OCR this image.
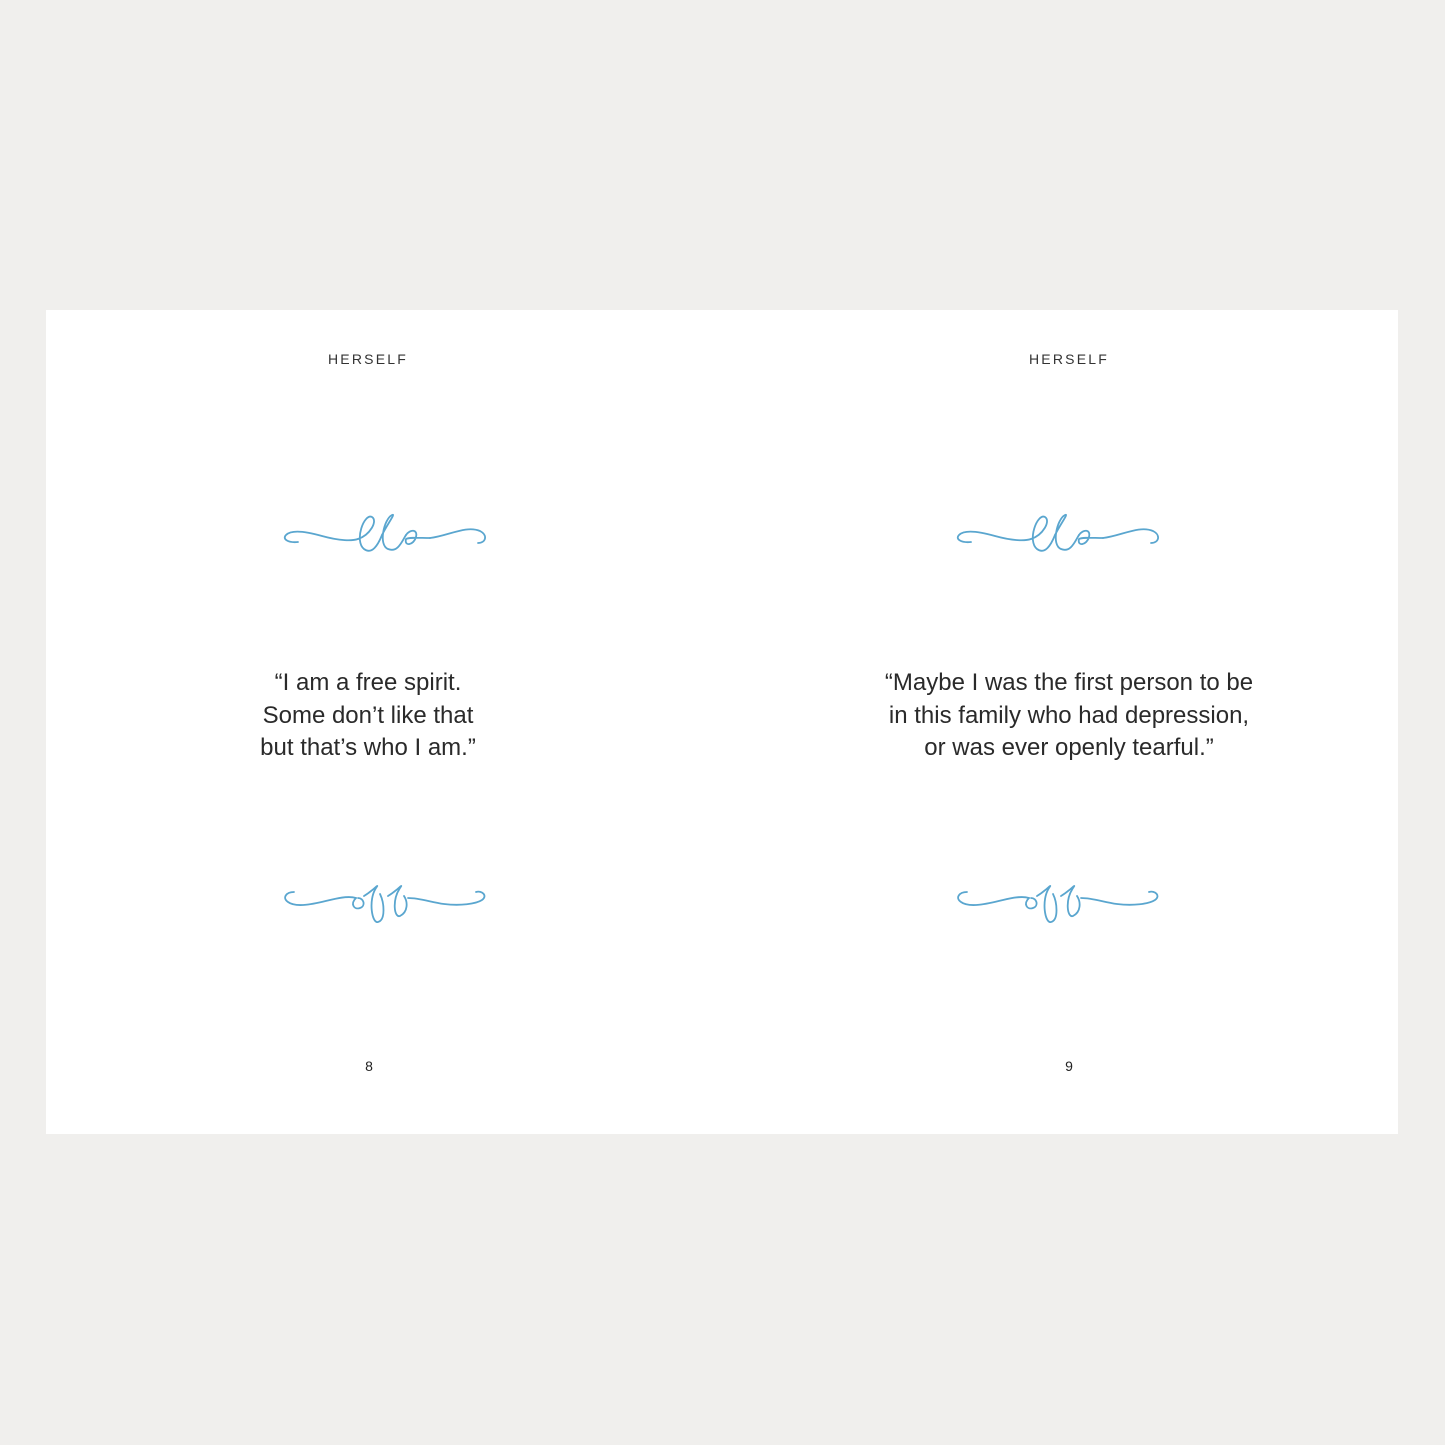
HERSELF
“I am a free spirit.
Some don’t like that
but that’s who I am.”
8
HERSELF
“Maybe I was the first person to be
in this family who had depression,
or was ever openly tearful.”
9
